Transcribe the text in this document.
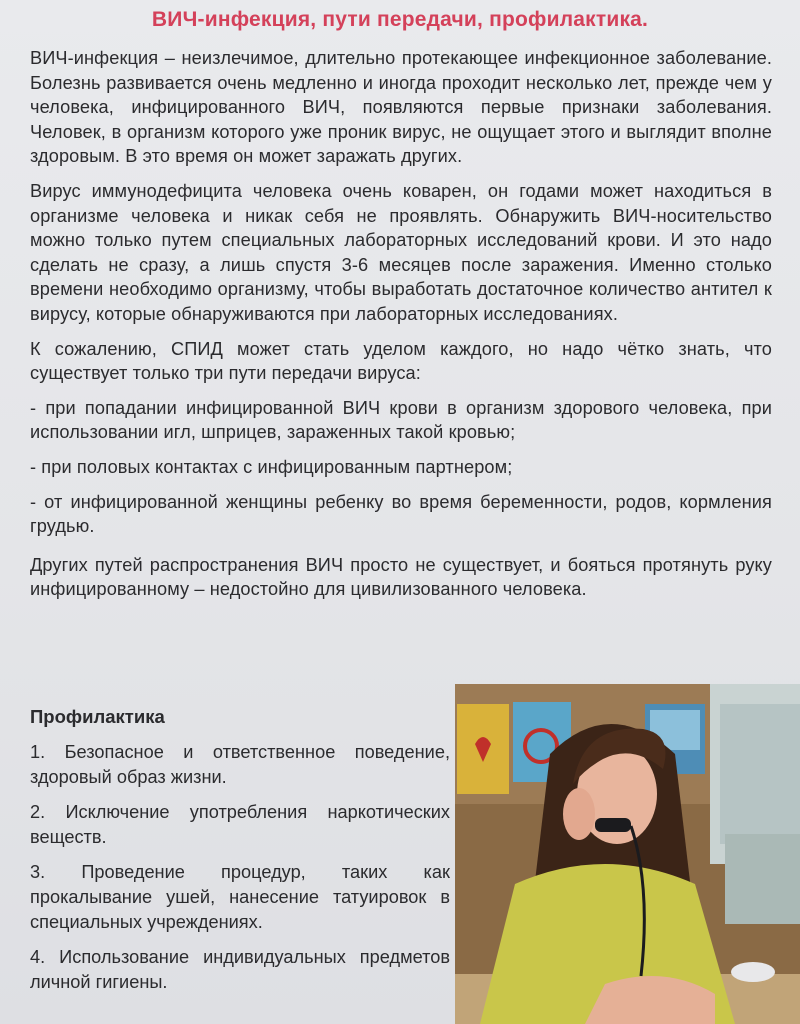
ВИЧ-инфекция, пути передачи, профилактика.

ВИЧ-инфекция – неизлечимое, длительно протекающее инфекционное заболевание. Болезнь развивается очень медленно и иногда проходит несколько лет, прежде чем у человека, инфицированного ВИЧ, появляются первые признаки заболевания. Человек, в организм которого уже проник вирус, не ощущает этого и выглядит вполне здоровым. В это время он может заражать других.

Вирус иммунодефицита человека очень коварен, он годами может находиться в организме человека и никак себя не проявлять. Обнаружить ВИЧ-носительство можно только путем специальных лабораторных исследований крови. И это надо сделать не сразу, а лишь спустя 3-6 месяцев после заражения. Именно столько времени необходимо организму, чтобы выработать достаточное количество антител к вирусу, которые обнаруживаются при лабораторных исследованиях.

К сожалению, СПИД может стать уделом каждого, но надо чётко знать, что существует только три пути передачи вируса:

- при попадании инфицированной ВИЧ крови в организм здорового человека, при использовании игл, шприцев, зараженных такой кровью;

- при половых контактах с инфицированным партнером;

- от инфицированной женщины ребенку во время беременности, родов, кормления грудью.

Других путей распространения ВИЧ просто не существует, и бояться протянуть руку инфицированному – недостойно для цивилизованного человека.

Профилактика

1. Безопасное и ответственное поведение, здоровый образ жизни.

2. Исключение употребления наркотических веществ.

3. Проведение процедур, таких как прокалывание ушей, нанесение татуировок в специальных учреждениях.

4. Использование индивидуальных предметов личной гигиены.
